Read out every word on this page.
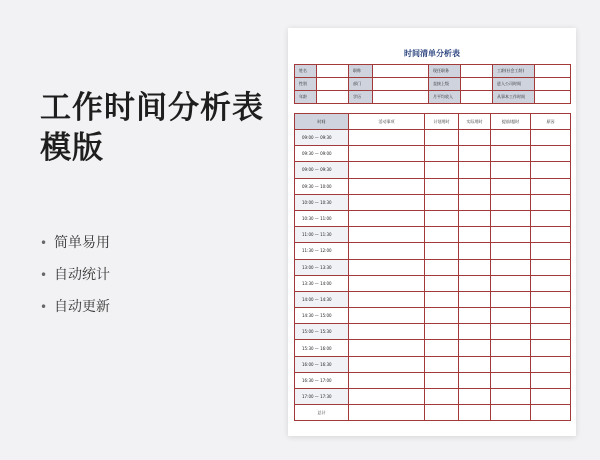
工作时间分析表
模版
• 简单易用
• 自动统计
• 自动更新
时间清单分析表
姓名		职称		现任职务		工龄(社会工龄)	
性别		部门		直接上级		进入公司时间	
年龄		学历		月平均收入		从事本工作时间	
时间	活动事项	计划用时	实际用时	提前/超时	原因
09:00 — 09:30					
09:30 — 09:00					
09:00 — 09:30					
09:30 — 10:00					
10:00 — 10:30					
10:30 — 11:00					
11:00 — 11:30					
11:30 — 12:00					
13:00 — 13:30					
13:30 — 14:00					
14:00 — 14:30					
14:30 — 15:00					
15:00 — 15:30					
15:30 — 16:00					
16:00 — 16:30					
16:30 — 17:00					
17:00 — 17:30					
总计					
